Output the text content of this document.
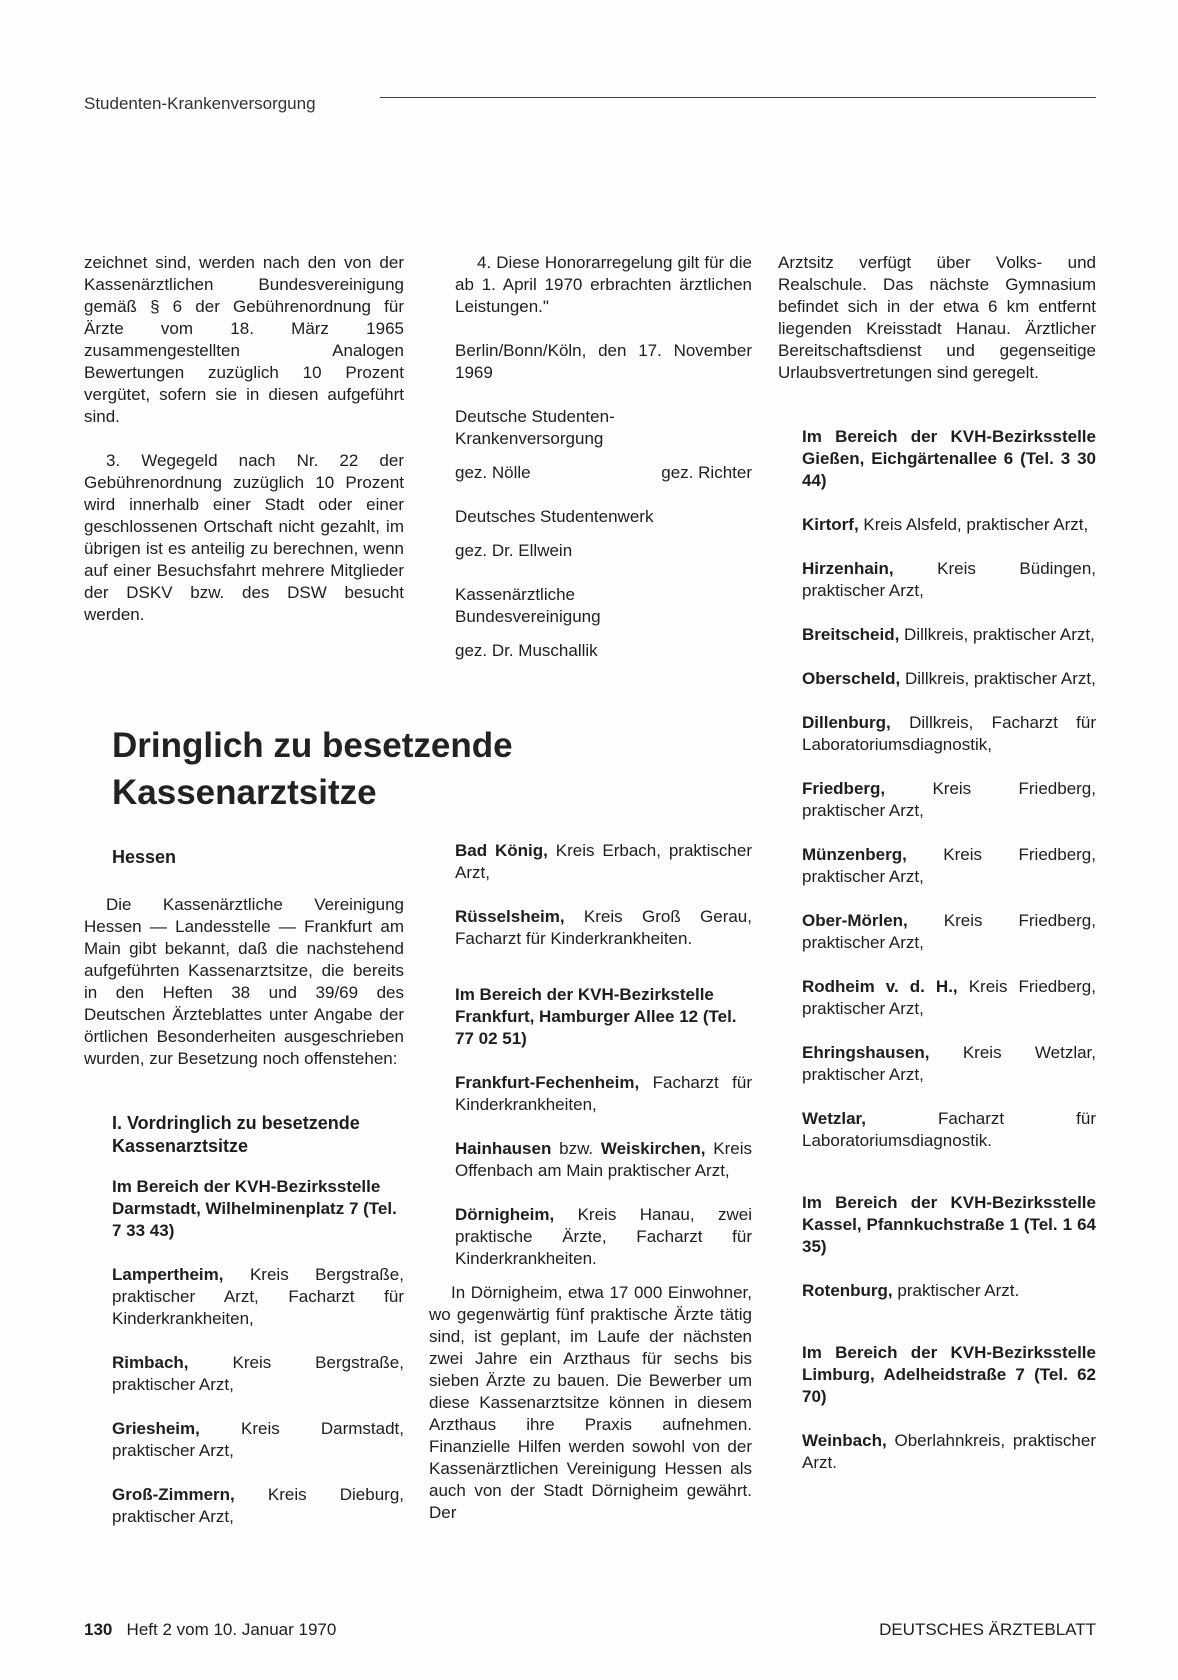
Studenten-Krankenversorgung

zeichnet sind, werden nach den von der Kassenärztlichen Bundesvereinigung gemäß § 6 der Gebührenordnung für Ärzte vom 18. März 1965 zusammengestellten Analogen Bewertungen zuzüglich 10 Prozent vergütet, sofern sie in diesen aufgeführt sind.

3. Wegegeld nach Nr. 22 der Gebührenordnung zuzüglich 10 Prozent wird innerhalb einer Stadt oder einer geschlossenen Ortschaft nicht gezahlt, im übrigen ist es anteilig zu berechnen, wenn auf einer Besuchsfahrt mehrere Mitglieder der DSKV bzw. des DSW besucht werden.

4. Diese Honorarregelung gilt für die ab 1. April 1970 erbrachten ärztlichen Leistungen."

Berlin/Bonn/Köln, den 17. November 1969

Deutsche Studenten-Krankenversorgung

gez. Nölle	gez. Richter

Deutsches Studentenwerk

gez. Dr. Ellwein

Kassenärztliche
Bundesvereinigung

gez. Dr. Muschallik

Dringlich zu besetzende
Kassenarztsitze

Hessen

Die Kassenärztliche Vereinigung Hessen — Landesstelle — Frankfurt am Main gibt bekannt, daß die nachstehend aufgeführten Kassenarztsitze, die bereits in den Heften 38 und 39/69 des Deutschen Ärzteblattes unter Angabe der örtlichen Besonderheiten ausgeschrieben wurden, zur Besetzung noch offenstehen:

I. Vordringlich zu besetzende Kassenarztsitze

Im Bereich der KVH-Bezirksstelle Darmstadt, Wilhelminenplatz 7 (Tel. 7 33 43)

Lampertheim, Kreis Bergstraße, praktischer Arzt, Facharzt für Kinderkrankheiten,

Rimbach, Kreis Bergstraße, praktischer Arzt,

Griesheim, Kreis Darmstadt, praktischer Arzt,

Groß-Zimmern, Kreis Dieburg, praktischer Arzt,

Bad König, Kreis Erbach, praktischer Arzt,

Rüsselsheim, Kreis Groß Gerau, Facharzt für Kinderkrankheiten.

Im Bereich der KVH-Bezirkstelle Frankfurt, Hamburger Allee 12 (Tel. 77 02 51)

Frankfurt-Fechenheim, Facharzt für Kinderkrankheiten,

Hainhausen bzw. Weiskirchen, Kreis Offenbach am Main praktischer Arzt,

Dörnigheim, Kreis Hanau, zwei praktische Ärzte, Facharzt für Kinderkrankheiten.

In Dörnigheim, etwa 17 000 Einwohner, wo gegenwärtig fünf praktische Ärzte tätig sind, ist geplant, im Laufe der nächsten zwei Jahre ein Arzthaus für sechs bis sieben Ärzte zu bauen. Die Bewerber um diese Kassenarztsitze können in diesem Arzthaus ihre Praxis aufnehmen. Finanzielle Hilfen werden sowohl von der Kassenärztlichen Vereinigung Hessen als auch von der Stadt Dörnigheim gewährt. Der

Arztsitz verfügt über Volks- und Realschule. Das nächste Gymnasium befindet sich in der etwa 6 km entfernt liegenden Kreisstadt Hanau. Ärztlicher Bereitschaftsdienst und gegenseitige Urlaubsvertretungen sind geregelt.

Im Bereich der KVH-Bezirksstelle Gießen, Eichgärtenallee 6 (Tel. 3 30 44)

Kirtorf, Kreis Alsfeld, praktischer Arzt,

Hirzenhain, Kreis Büdingen, praktischer Arzt,

Breitscheid, Dillkreis, praktischer Arzt,

Oberscheld, Dillkreis, praktischer Arzt,

Dillenburg, Dillkreis, Facharzt für Laboratoriumsdiagnostik,

Friedberg, Kreis Friedberg, praktischer Arzt,

Münzenberg, Kreis Friedberg, praktischer Arzt,

Ober-Mörlen, Kreis Friedberg, praktischer Arzt,

Rodheim v. d. H., Kreis Friedberg, praktischer Arzt,

Ehringshausen, Kreis Wetzlar, praktischer Arzt,

Wetzlar, Facharzt für Laboratoriumsdiagnostik.

Im Bereich der KVH-Bezirksstelle Kassel, Pfannkuchstraße 1 (Tel. 1 64 35)

Rotenburg, praktischer Arzt.

Im Bereich der KVH-Bezirksstelle Limburg, Adelheidstraße 7 (Tel. 62 70)

Weinbach, Oberlahnkreis, praktischer Arzt.

130 Heft 2 vom 10. Januar 1970	DEUTSCHES ÄRZTEBLATT
